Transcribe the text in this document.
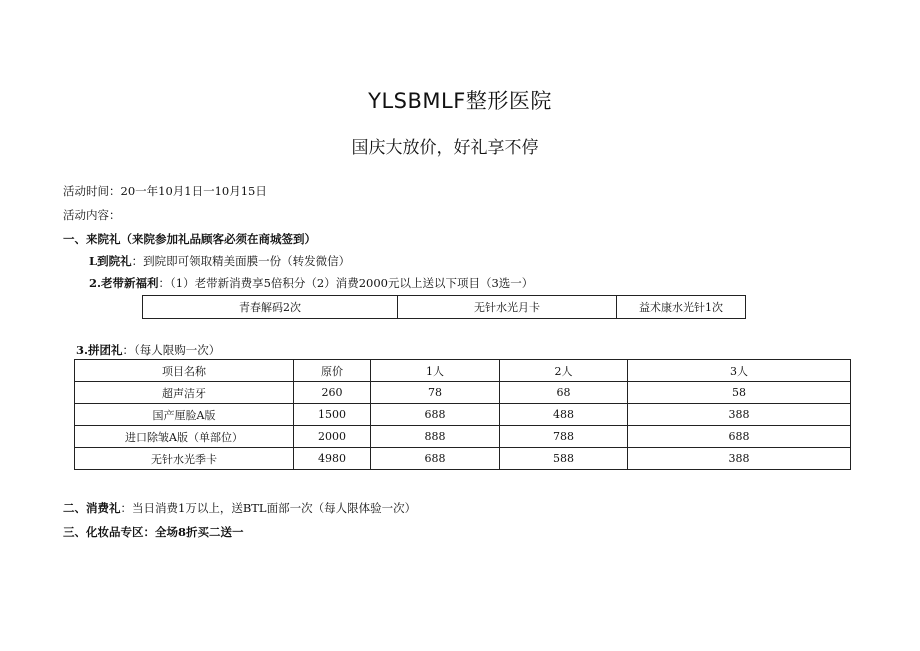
YLSBMLF整形医院
国庆大放价，好礼享不停
活动时间：20一年10月1日一10月15日
活动内容：
一、来院礼（来院参加礼品顾客必须在商城签到）
L到院礼：到院即可领取精美面膜一份（转发微信）
2.老带新福利：（1）老带新消费享5倍积分（2）消费2000元以上送以下项目（3选一）
青春解码2次	无针水光月卡	益术康水光针1次
3.拼团礼：（每人限购一次）
项目名称	原价	1人	2人	3人
超声洁牙	260	78	68	58
国产厘脸A版	1500	688	488	388
进口除皱A版（单部位）	2000	888	788	688
无针水光季卡	4980	688	588	388
二、消费礼：当日消费1万以上，送BTL面部一次（每人限体验一次）
三、化妆品专区：全场8折买二送一
